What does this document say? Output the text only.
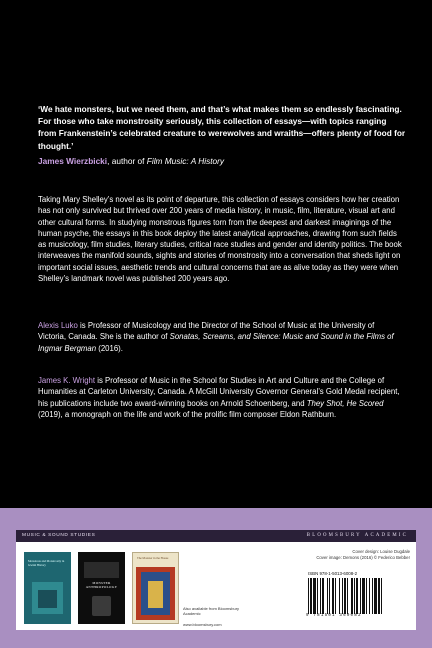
‘We hate monsters, but we need them, and that’s what makes them so endlessly fascinating. For those who take monstrosity seriously, this collection of essays—with topics ranging from Frankenstein’s celebrated creature to werewolves and wraiths—offers plenty of food for thought.’

James Wierzbicki, author of Film Music: A History

Taking Mary Shelley’s novel as its point of departure, this collection of essays considers how her creation has not only survived but thrived over 200 years of media history, in music, film, literature, visual art and other cultural forms. In studying monstrous figures torn from the deepest and darkest imaginings of the human psyche, the essays in this book deploy the latest analytical approaches, drawing from such fields as musicology, film studies, literary studies, critical race studies and gender and identity politics. The book interweaves the manifold sounds, sights and stories of monstrosity into a conversation that sheds light on important social issues, aesthetic trends and cultural concerns that are as alive today as they were when Shelley’s landmark novel was published 200 years ago.

Alexis Luko is Professor of Musicology and the Director of the School of Music at the University of Victoria, Canada. She is the author of Sonatas, Screams, and Silence: Music and Sound in the Films of Ingmar Bergman (2016).

James K. Wright is Professor of Music in the School for Studies in Art and Culture and the College of Humanities at Carleton University, Canada. A McGill University Governor General’s Gold Medal recipient, his publications include two award-winning books on Arnold Schoenberg, and They Shot, He Scored (2019), a monograph on the life and work of the prolific film composer Eldon Rathburn.

MUSIC & SOUND STUDIES	BLOOMSBURY ACADEMIC
Monstrous and Monstrosity in Jewish History
MONSTER ANTHROPOLOGY
The Monster in the House
Also available from Bloomsbury Academic
www.bloomsbury.com
Cover design: Louise Dugdale
Cover image: Demons (2016) © Federico Bebber
ISBN 978-1-5013-6008-2
9 781501 360082
